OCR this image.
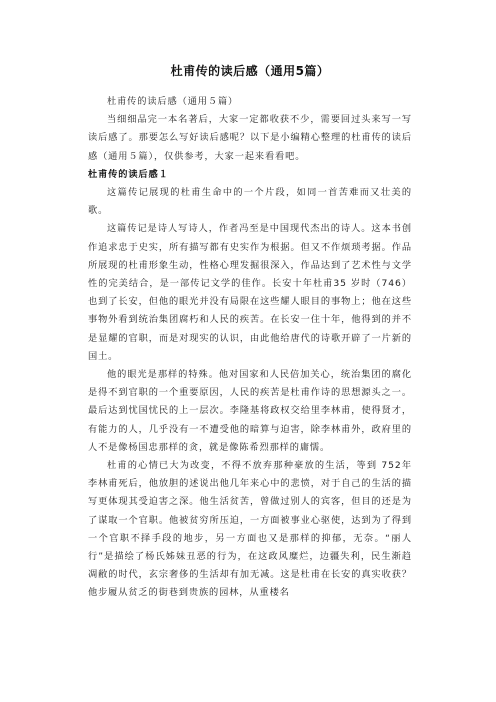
杜甫传的读后感（通用5篇）

杜甫传的读后感（通用５篇）

当细细品完一本名著后，大家一定都收获不少，需要回过头来写一写读后感了。那要怎么写好读后感呢？以下是小编精心整理的杜甫传的读后感（通用５篇），仅供参考，大家一起来看看吧。

杜甫传的读后感１

这篇传记展现的杜甫生命中的一个片段，如同一首苦难而又壮美的歌。

这篇传记是诗人写诗人，作者冯至是中国现代杰出的诗人。这本书创作追求忠于史实，所有描写都有史实作为根据。但又不作烦琐考据。作品所展现的杜甫形象生动，性格心理发掘很深入，作品达到了艺术性与文学性的完美结合，是一部传记文学的佳作。长安十年杜甫35 岁时（746）也到了长安，但他的眼光并没有局限在这些耀人眼目的事物上；他在这些事物外看到统治集团腐朽和人民的疾苦。在长安一住十年，他得到的并不是显耀的官职，而是对现实的认识，由此他给唐代的诗歌开辟了一片新的国土。

他的眼光是那样的特殊。他对国家和人民倍加关心，统治集团的腐化是得不到官职的一个重要原因，人民的疾苦是杜甫作诗的思想源头之一。最后达到忧国忧民的上一层次。李隆基将政权交给里李林甫，使得贤才，有能力的人，几乎没有一不遭受他的暗算与迫害，除李林甫外，政府里的人不是像杨国忠那样的贪，就是像陈希烈那样的庸懦。

杜甫的心情已大为改变，不得不放弃那种豪放的生活，等到 752年李林甫死后，他放胆的述说出他几年来心中的悲愤，对于自己的生活的描写更体现其受迫害之深。他生活贫苦，曾做过别人的宾客，但目的还是为了谋取一个官职。他被贫穷所压迫，一方面被事业心驱使，达到为了得到一个官职不择手段的地步，另一方面也又是那样的抑郁，无奈。“丽人行”是描绘了杨氏姊妹丑恶的行为，在这政风糜烂，边疆失利，民生渐趋凋敝的时代，玄宗奢侈的生活却有加无减。这是杜甫在长安的真实收获？他步履从贫乏的街巷到贵族的园林，从重楼名
